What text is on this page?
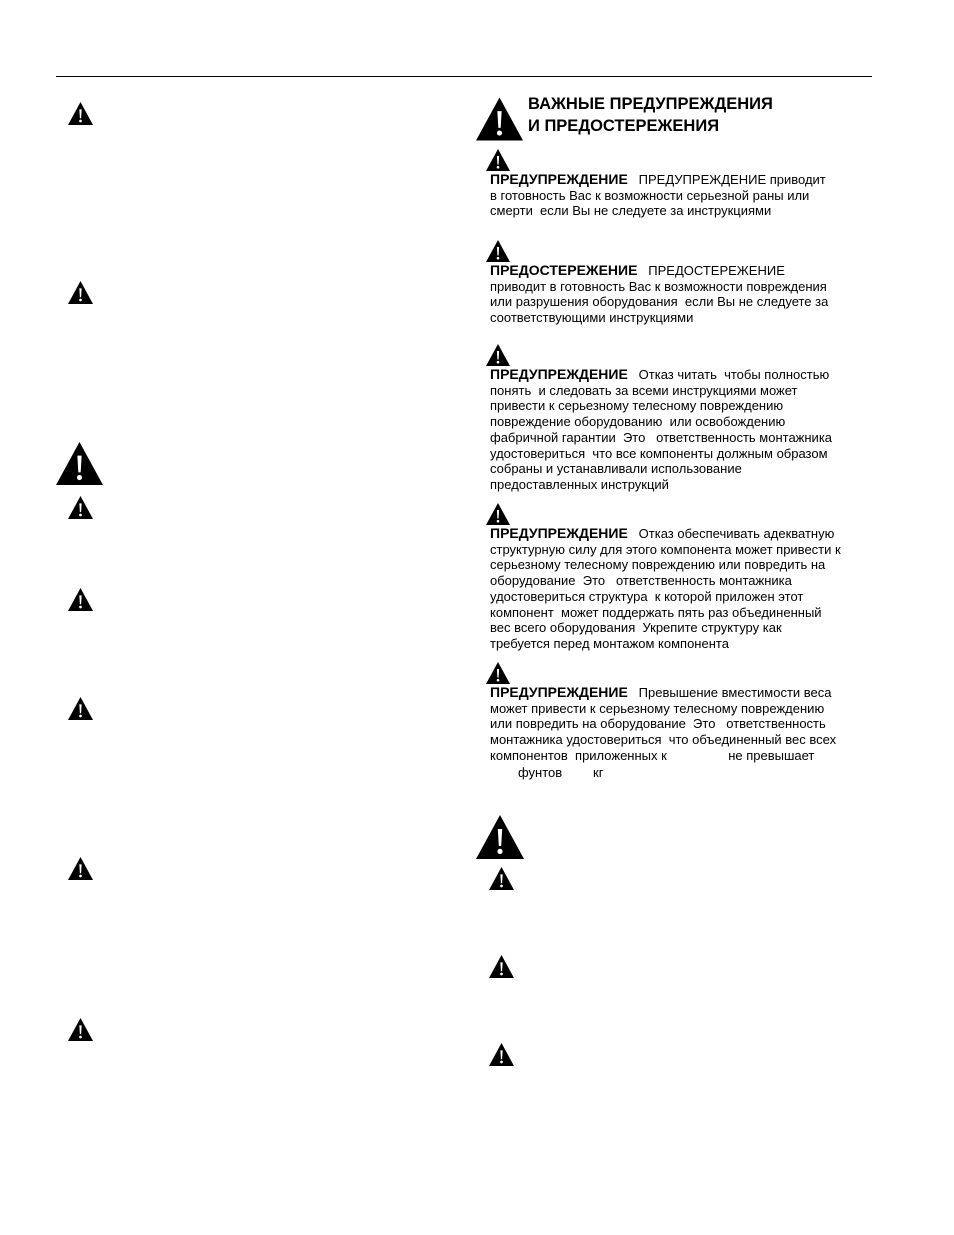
ВАЖНЫЕ ПРЕДУПРЕЖДЕНИЯ
И ПРЕДОСТЕРЕЖЕНИЯ
ПРЕДУПРЕЖДЕНИЕ ПРЕДУПРЕЖДЕНИЕ приводит
в готовность Вас к возможности серьезной раны или
смерти  если Вы не следуете за инструкциями
ПРЕДОСТЕРЕЖЕНИЕ ПРЕДОСТЕРЕЖЕНИЕ
приводит в готовность Вас к возможности повреждения
или разрушения оборудования  если Вы не следуете за
соответствующими инструкциями
ПРЕДУПРЕЖДЕНИЕ Отказ читать  чтобы полностью
понять  и следовать за всеми инструкциями может
привести к серьезному телесному повреждению
повреждение оборудованию  или освобождению
фабричной гарантии  Это   ответственность монтажника
удостовериться  что все компоненты должным образом
собраны и устанавливали использование
предоставленных инструкций
ПРЕДУПРЕЖДЕНИЕ Отказ обеспечивать адекватную
структурную силу для этого компонента может привести к
серьезному телесному повреждению или повредить на
оборудование  Это   ответственность монтажника
удостовериться структура  к которой приложен этот
компонент  может поддержать пять раз объединенный
вес всего оборудования  Укрепите структуру как
требуется перед монтажом компонента
ПРЕДУПРЕЖДЕНИЕ Превышение вместимости веса
может привести к серьезному телесному повреждению
или повредить на оборудование  Это   ответственность
монтажника удостовериться  что объединенный вес всех
компонентов  приложенных к                 не превышает
фунтов кг
